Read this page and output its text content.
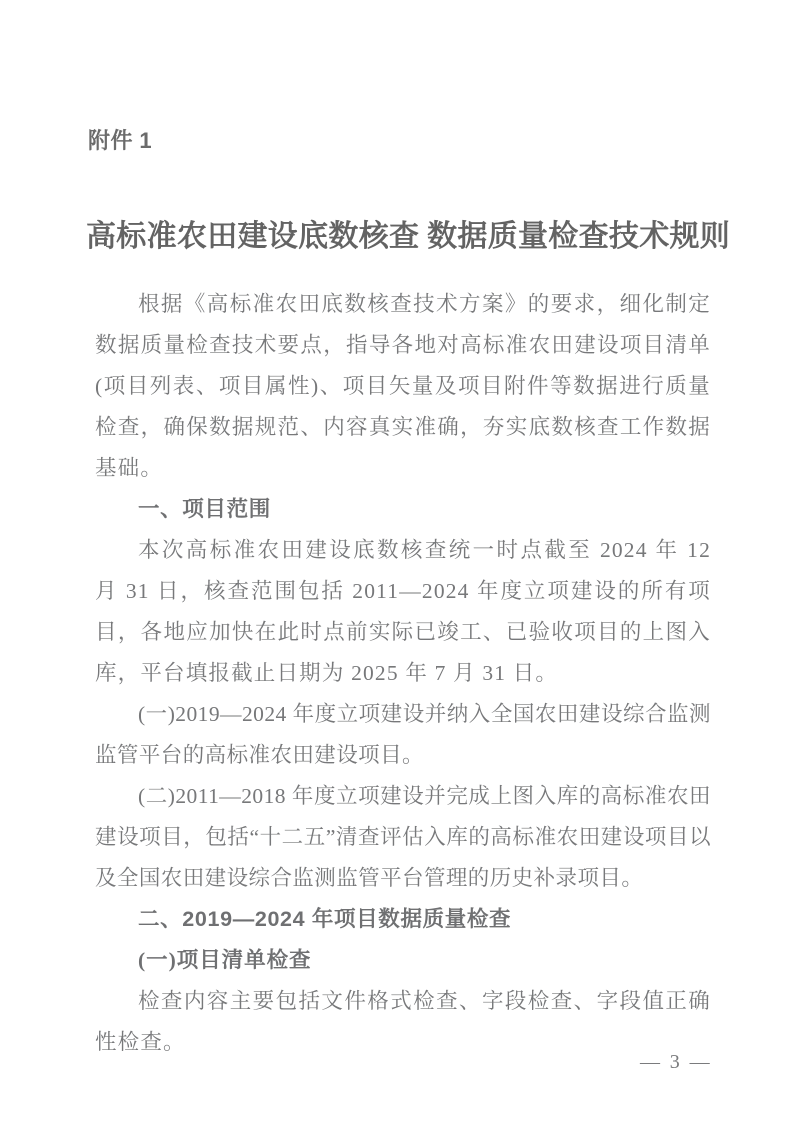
附件 1
高标准农田建设底数核查 数据质量检查技术规则

根据《高标准农田底数核查技术方案》的要求，细化制定数据质量检查技术要点，指导各地对高标准农田建设项目清单(项目列表、项目属性)、项目矢量及项目附件等数据进行质量检查，确保数据规范、内容真实准确，夯实底数核查工作数据基础。

一、项目范围

本次高标准农田建设底数核查统一时点截至 2024 年 12 月 31 日，核查范围包括 2011—2024 年度立项建设的所有项目，各地应加快在此时点前实际已竣工、已验收项目的上图入库，平台填报截止日期为 2025 年 7 月 31 日。

(一)2019—2024 年度立项建设并纳入全国农田建设综合监测监管平台的高标准农田建设项目。

(二)2011—2018 年度立项建设并完成上图入库的高标准农田建设项目，包括“十二五”清查评估入库的高标准农田建设项目以及全国农田建设综合监测监管平台管理的历史补录项目。

二、2019—2024 年项目数据质量检查
(一)项目清单检查

检查内容主要包括文件格式检查、字段检查、字段值正确性检查。

— 3 —
